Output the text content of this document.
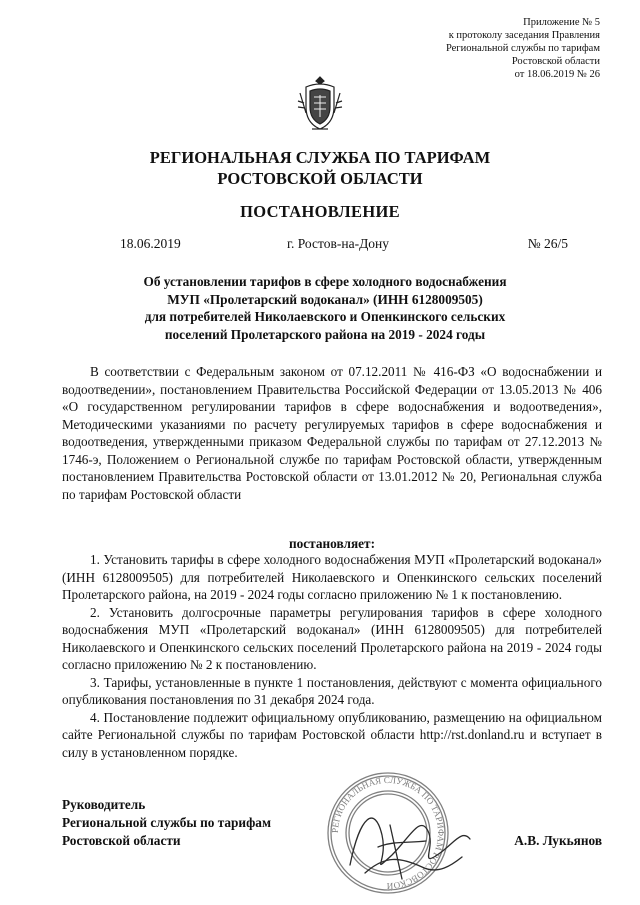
Приложение № 5
к протоколу заседания Правления
Региональной службы по тарифам
Ростовской области
от 18.06.2019 № 26
РЕГИОНАЛЬНАЯ СЛУЖБА ПО ТАРИФАМ
РОСТОВСКОЙ ОБЛАСТИ
ПОСТАНОВЛЕНИЕ
18.06.2019	г. Ростов-на-Дону	№ 26/5
Об установлении тарифов в сфере холодного водоснабжения
МУП «Пролетарский водоканал» (ИНН 6128009505)
для потребителей Николаевского и Опенкинского сельских
поселений Пролетарского района на 2019 - 2024 годы

В соответствии с Федеральным законом от 07.12.2011 № 416-ФЗ «О водоснабжении и водоотведении», постановлением Правительства Российской Федерации от 13.05.2013 № 406 «О государственном регулировании тарифов в сфере водоснабжения и водоотведения», Методическими указаниями по расчету регулируемых тарифов в сфере водоснабжения и водоотведения, утвержденными приказом Федеральной службы по тарифам от 27.12.2013 № 1746-э, Положением о Региональной службе по тарифам Ростовской области, утвержденным постановлением Правительства Ростовской области от 13.01.2012 № 20, Региональная служба по тарифам Ростовской области

постановляет:

1. Установить тарифы в сфере холодного водоснабжения МУП «Пролетарский водоканал» (ИНН 6128009505) для потребителей Николаевского и Опенкинского сельских поселений Пролетарского района, на 2019 - 2024 годы согласно приложению № 1 к постановлению.

2. Установить долгосрочные параметры регулирования тарифов в сфере холодного водоснабжения МУП «Пролетарский водоканал» (ИНН 6128009505) для потребителей Николаевского и Опенкинского сельских поселений Пролетарского района на 2019 - 2024 годы согласно приложению № 2 к постановлению.

3. Тарифы, установленные в пункте 1 постановления, действуют с момента официального опубликования постановления по 31 декабря 2024 года.

4. Постановление подлежит официальному опубликованию, размещению на официальном сайте Региональной службы по тарифам Ростовской области http://rst.donland.ru и вступает в силу в установленном порядке.

РЕГИОНАЛЬНАЯ СЛУЖБА ПО ТАРИФАМ РОСТОВСКОЙ
Руководитель
Региональной службы по тарифам
Ростовской области	А.В. Лукьянов
